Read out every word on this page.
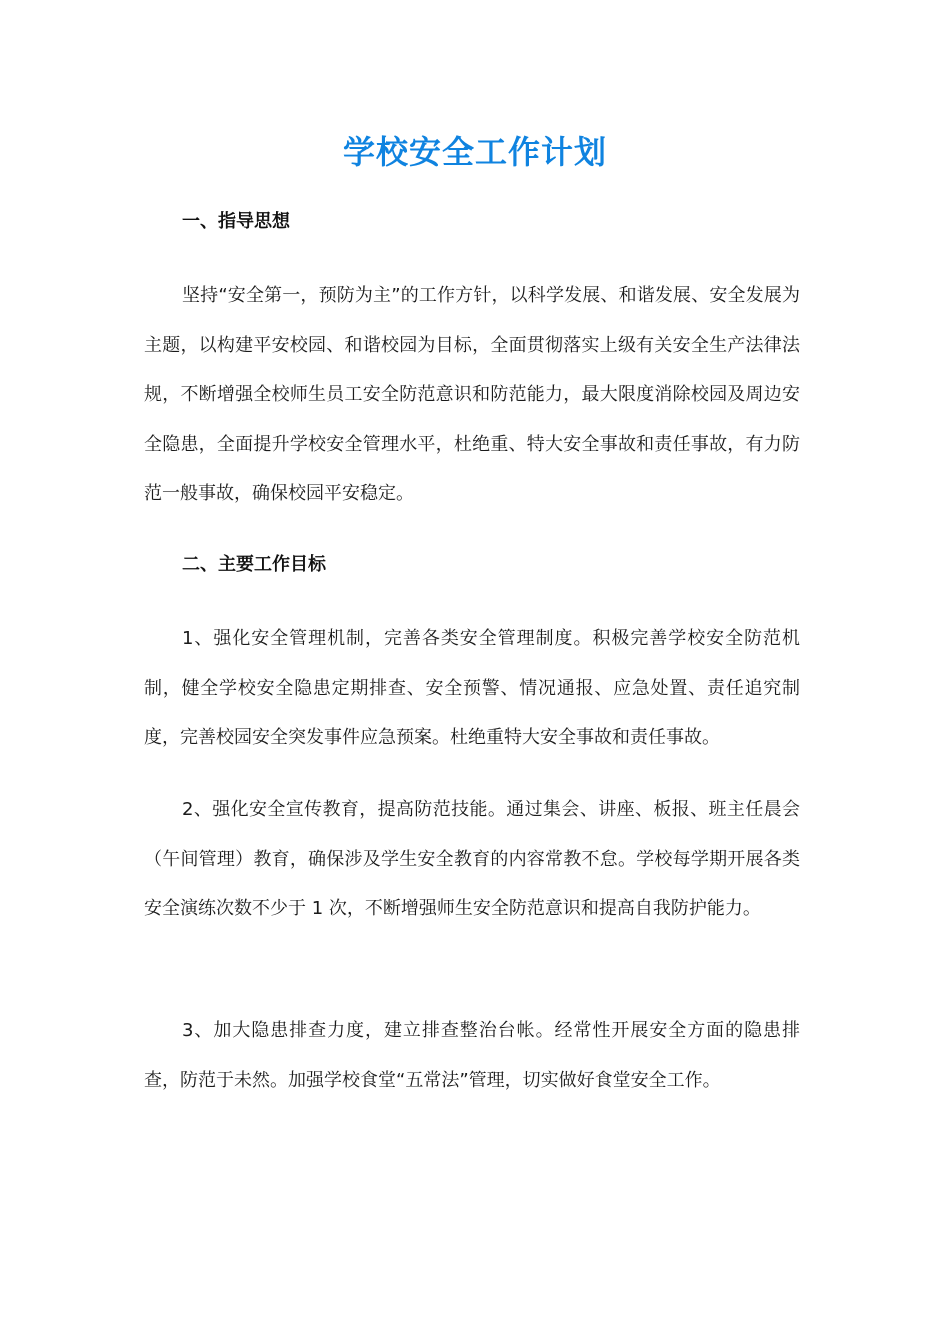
学校安全工作计划
一、指导思想

坚持“安全第一，预防为主”的工作方针，以科学发展、和谐发展、安全发展为主题，以构建平安校园、和谐校园为目标，全面贯彻落实上级有关安全生产法律法规，不断增强全校师生员工安全防范意识和防范能力，最大限度消除校园及周边安全隐患，全面提升学校安全管理水平，杜绝重、特大安全事故和责任事故，有力防范一般事故，确保校园平安稳定。

二、主要工作目标

1、强化安全管理机制，完善各类安全管理制度。积极完善学校安全防范机制，健全学校安全隐患定期排查、安全预警、情况通报、应急处置、责任追究制度，完善校园安全突发事件应急预案。杜绝重特大安全事故和责任事故。

2、强化安全宣传教育，提高防范技能。通过集会、讲座、板报、班主任晨会（午间管理）教育，确保涉及学生安全教育的内容常教不怠。学校每学期开展各类安全演练次数不少于 1 次，不断增强师生安全防范意识和提高自我防护能力。

3、加大隐患排查力度，建立排查整治台帐。经常性开展安全方面的隐患排查，防范于未然。加强学校食堂“五常法”管理，切实做好食堂安全工作。
